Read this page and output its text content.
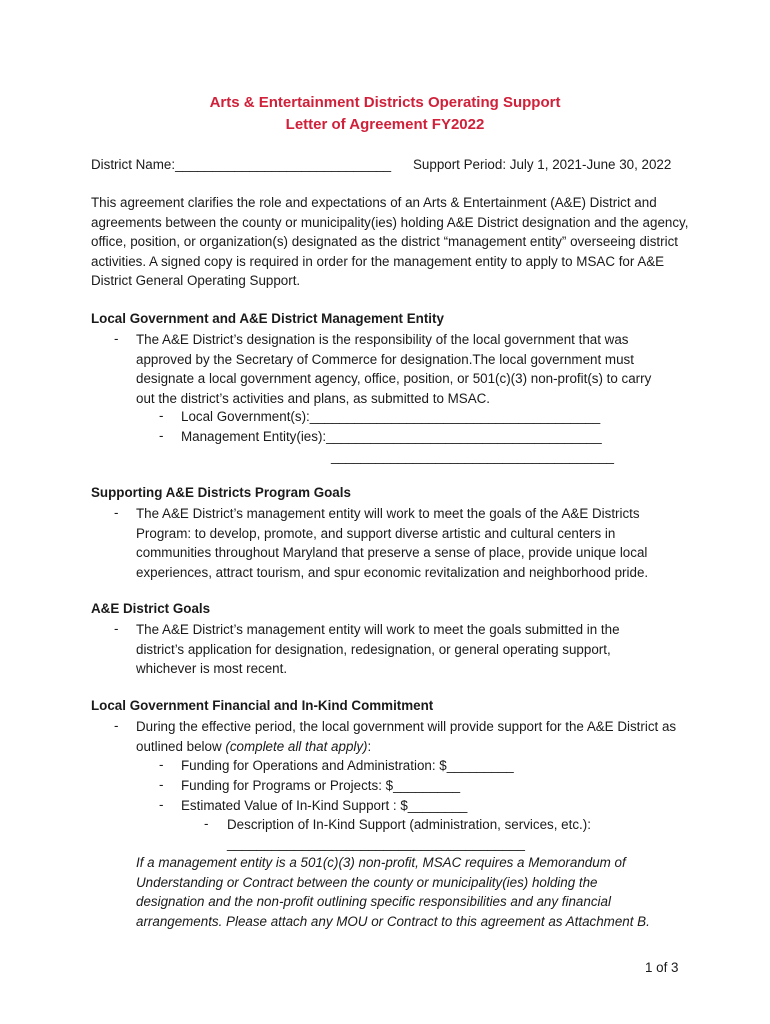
Arts & Entertainment Districts Operating Support
Letter of Agreement FY2022
District Name:_____________________________ Support Period: July 1, 2021-June 30, 2022
This agreement clarifies the role and expectations of an Arts & Entertainment (A&E) District and agreements between the county or municipality(ies) holding A&E District designation and the agency, office, position, or organization(s) designated as the district “management entity” overseeing district activities. A signed copy is required in order for the management entity to apply to MSAC for A&E District General Operating Support.
Local Government and A&E District Management Entity
- The A&E District’s designation is the responsibility of the local government that was approved by the Secretary of Commerce for designation.The local government must designate a local government agency, office, position, or 501(c)(3) non-profit(s) to carry out the district’s activities and plans, as submitted to MSAC.
- Local Government(s):_______________________________________
- Management Entity(ies):_____________________________________
______________________________________
Supporting A&E Districts Program Goals
- The A&E District’s management entity will work to meet the goals of the A&E Districts Program: to develop, promote, and support diverse artistic and cultural centers in communities throughout Maryland that preserve a sense of place, provide unique local experiences, attract tourism, and spur economic revitalization and neighborhood pride.
A&E District Goals
- The A&E District’s management entity will work to meet the goals submitted in the district’s application for designation, redesignation, or general operating support, whichever is most recent.
Local Government Financial and In-Kind Commitment
- During the effective period, the local government will provide support for the A&E District as outlined below (complete all that apply):
- Funding for Operations and Administration: $_________
- Funding for Programs or Projects: $_________
- Estimated Value of In-Kind Support : $________
- Description of In-Kind Support (administration, services, etc.):
________________________________________
If a management entity is a 501(c)(3) non-profit, MSAC requires a Memorandum of Understanding or Contract between the county or municipality(ies) holding the designation and the non-profit outlining specific responsibilities and any financial arrangements. Please attach any MOU or Contract to this agreement as Attachment B.
1 of 3
